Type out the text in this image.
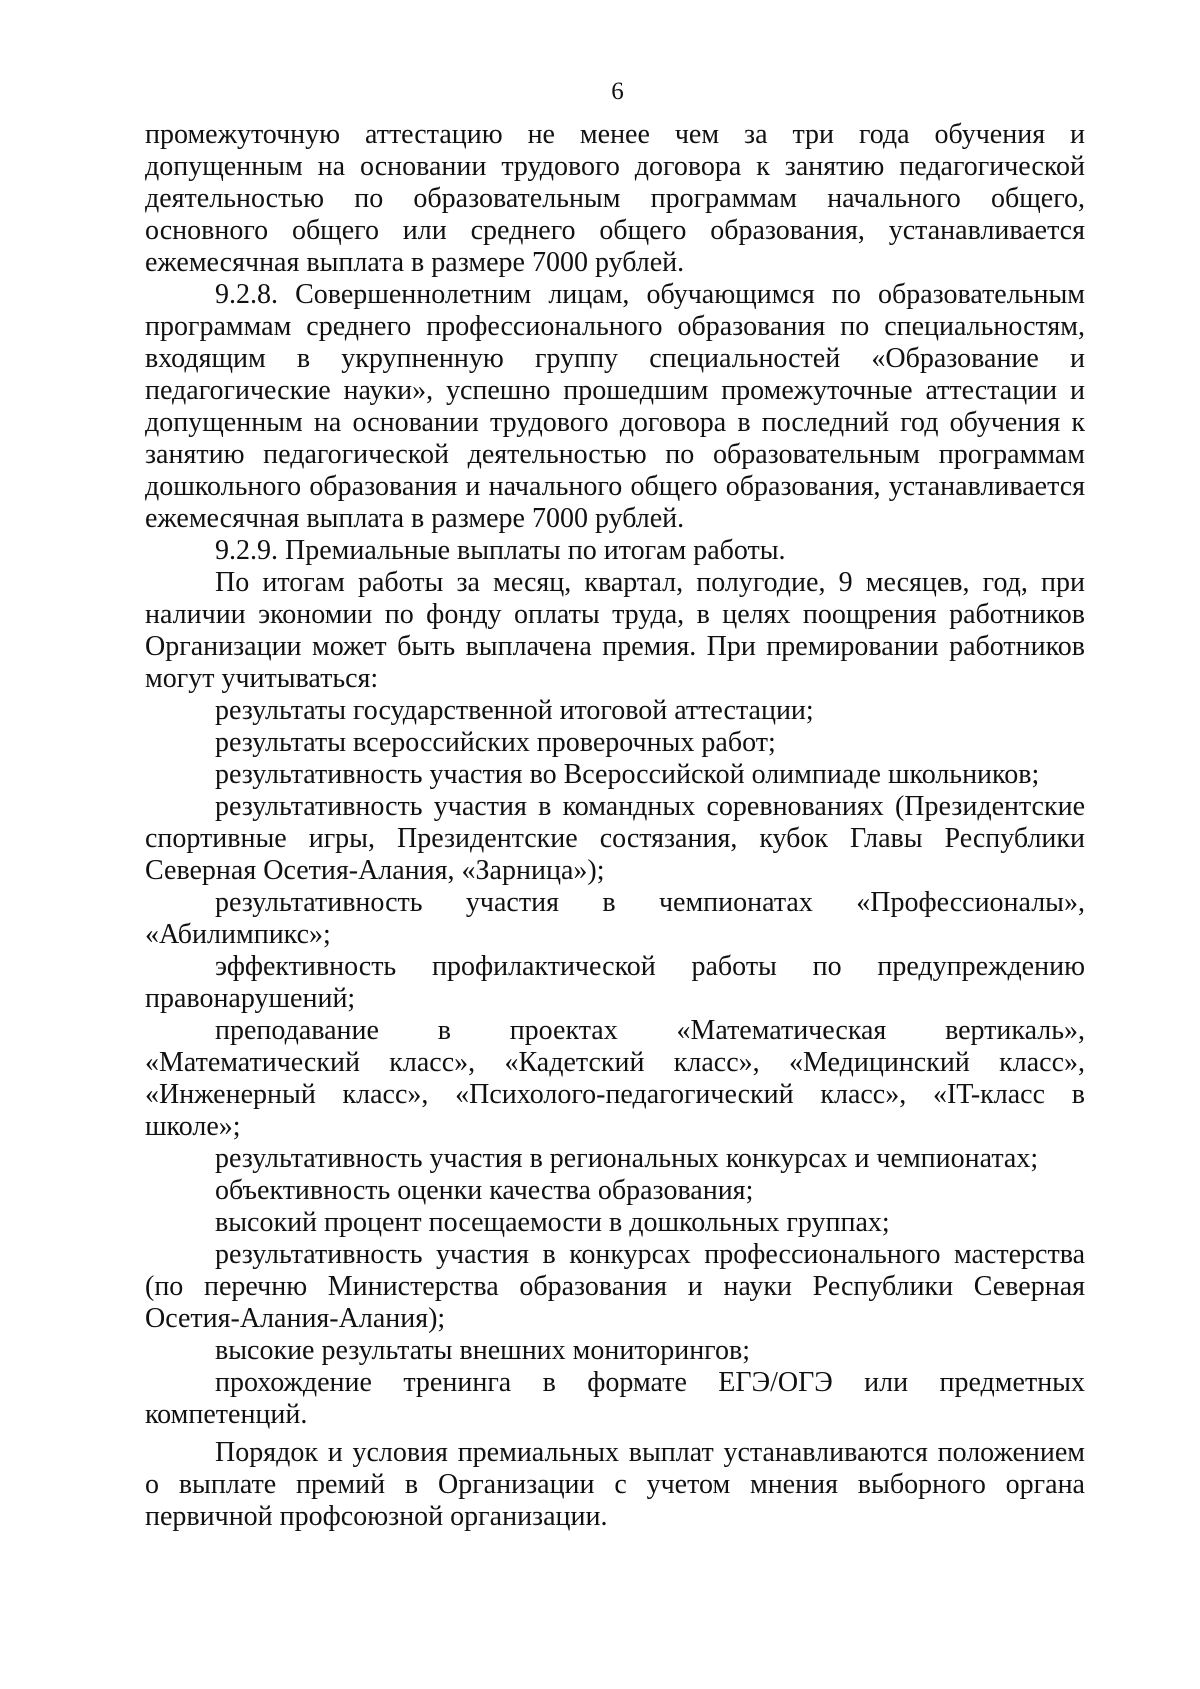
6

промежуточную аттестацию не менее чем за три года обучения и допущенным на основании трудового договора к занятию педагогической деятельностью по образовательным программам начального общего, основного общего или среднего общего образования, устанавливается ежемесячная выплата в размере 7000 рублей.

9.2.8. Совершеннолетним лицам, обучающимся по образовательным программам среднего профессионального образования по специальностям, входящим в укрупненную группу специальностей «Образование и педагогические науки», успешно прошедшим промежуточные аттестации и допущенным на основании трудового договора в последний год обучения к занятию педагогической деятельностью по образовательным программам дошкольного образования и начального общего образования, устанавливается ежемесячная выплата в размере 7000 рублей.

9.2.9. Премиальные выплаты по итогам работы.

По итогам работы за месяц, квартал, полугодие, 9 месяцев, год, при наличии экономии по фонду оплаты труда, в целях поощрения работников Организации может быть выплачена премия. При премировании работников могут учитываться:

результаты государственной итоговой аттестации;

результаты всероссийских проверочных работ;

результативность участия во Всероссийской олимпиаде школьников;

результативность участия в командных соревнованиях (Президентские спортивные игры, Президентские состязания, кубок Главы Республики Северная Осетия-Алания, «Зарница»);

результативность участия в чемпионатах «Профессионалы», «Абилимпикс»;

эффективность профилактической работы по предупреждению правонарушений;

преподавание в проектах «Математическая вертикаль», «Математический класс», «Кадетский класс», «Медицинский класс», «Инженерный класс», «Психолого-педагогический класс», «IT-класс в школе»;

результативность участия в региональных конкурсах и чемпионатах;

объективность оценки качества образования;

высокий процент посещаемости в дошкольных группах;

результативность участия в конкурсах профессионального мастерства (по перечню Министерства образования и науки Республики Северная Осетия-Алания-Алания);

высокие результаты внешних мониторингов;

прохождение тренинга в формате ЕГЭ/ОГЭ или предметных компетенций.

Порядок и условия премиальных выплат устанавливаются положением о выплате премий в Организации с учетом мнения выборного органа первичной профсоюзной организации.
